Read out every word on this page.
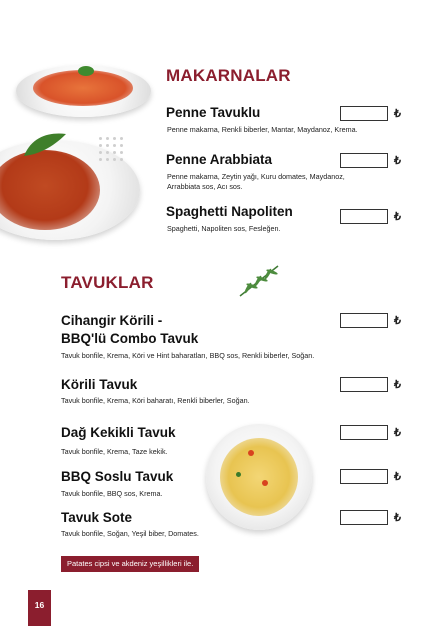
MAKARNALAR
Penne Tavuklu
Penne makarna, Renkli biberler, Mantar, Maydanoz, Krema.
₺
Penne Arabbiata
Penne makarna, Zeytin yağı, Kuru domates, Maydanoz,
Arrabbiata sos, Acı sos.
₺
Spaghetti Napoliten
Spaghetti, Napoliten sos, Fesleğen.
₺
TAVUKLAR
Cihangir Körili -
BBQ'lü Combo Tavuk
Tavuk bonfile, Krema, Köri ve Hint baharatları, BBQ sos, Renkli biberler, Soğan.
₺
Körili Tavuk
Tavuk bonfile, Krema, Köri baharatı, Renkli biberler, Soğan.
₺
Dağ Kekikli Tavuk
Tavuk bonfile, Krema, Taze kekik.
₺
BBQ Soslu Tavuk
Tavuk bonfile, BBQ sos, Krema.
₺
Tavuk Sote
Tavuk bonfile, Soğan, Yeşil biber, Domates.
₺
Patates cipsi ve akdeniz yeşillikleri ile.
16
